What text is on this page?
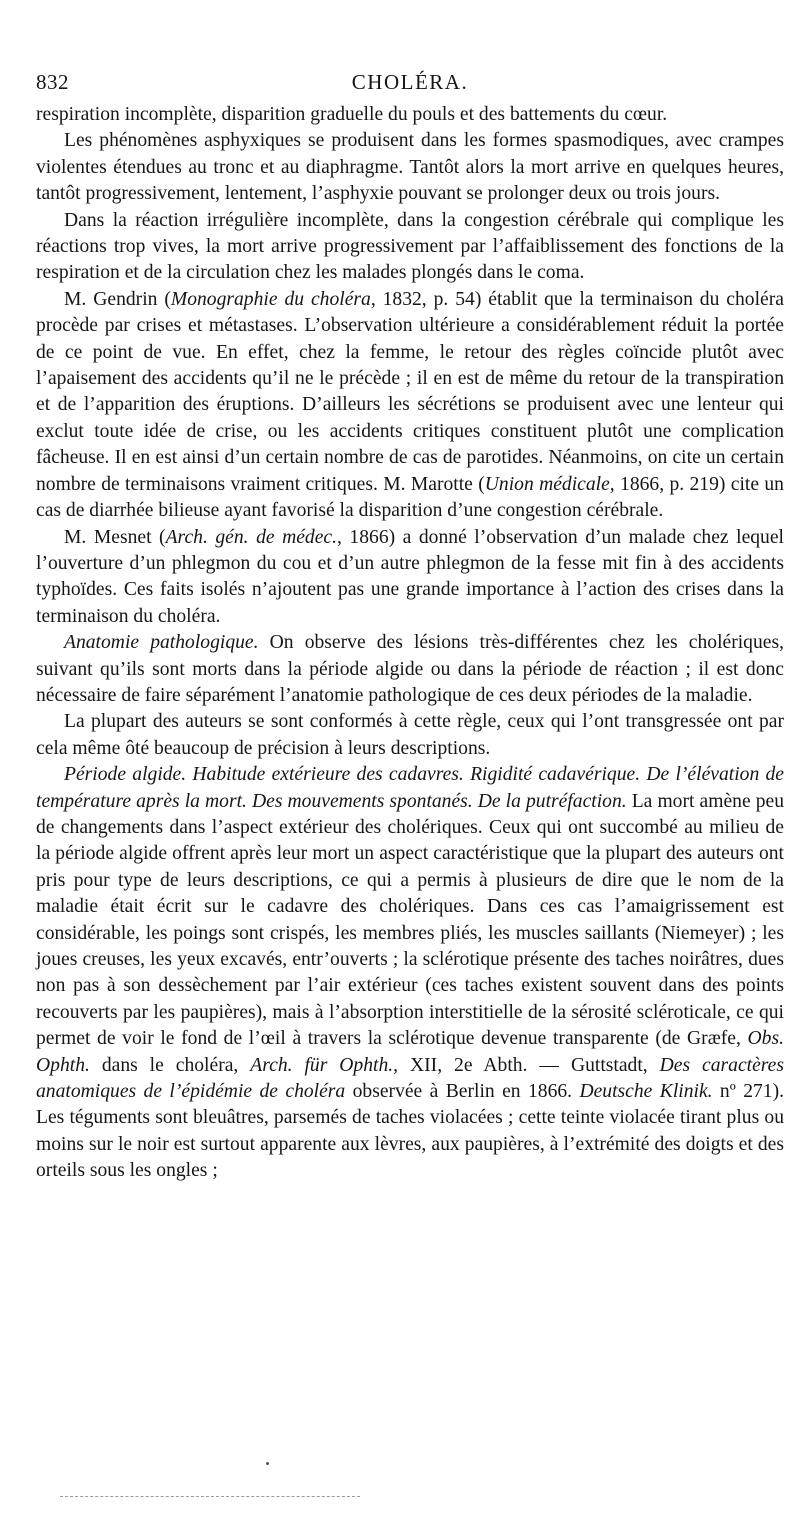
832	CHOLÉRA.

respiration incomplète, disparition graduelle du pouls et des battements du cœur.

Les phénomènes asphyxiques se produisent dans les formes spasmodiques, avec crampes violentes étendues au tronc et au diaphragme. Tantôt alors la mort arrive en quelques heures, tantôt progressivement, lentement, l’asphyxie pouvant se prolonger deux ou trois jours.

Dans la réaction irrégulière incomplète, dans la congestion cérébrale qui complique les réactions trop vives, la mort arrive progressivement par l’affaiblissement des fonctions de la respiration et de la circulation chez les malades plongés dans le coma.

M. Gendrin (Monographie du choléra, 1832, p. 54) établit que la terminaison du choléra procède par crises et métastases. L’observation ultérieure a considérablement réduit la portée de ce point de vue. En effet, chez la femme, le retour des règles coïncide plutôt avec l’apaisement des accidents qu’il ne le précède ; il en est de même du retour de la transpiration et de l’apparition des éruptions. D’ailleurs les sécrétions se produisent avec une lenteur qui exclut toute idée de crise, ou les accidents critiques constituent plutôt une complication fâcheuse. Il en est ainsi d’un certain nombre de cas de parotides. Néanmoins, on cite un certain nombre de terminaisons vraiment critiques. M. Marotte (Union médicale, 1866, p. 219) cite un cas de diarrhée bilieuse ayant favorisé la disparition d’une congestion cérébrale.

M. Mesnet (Arch. gén. de médec., 1866) a donné l’observation d’un malade chez lequel l’ouverture d’un phlegmon du cou et d’un autre phlegmon de la fesse mit fin à des accidents typhoïdes. Ces faits isolés n’ajoutent pas une grande importance à l’action des crises dans la terminaison du choléra.

Anatomie pathologique. On observe des lésions très-différentes chez les cholériques, suivant qu’ils sont morts dans la période algide ou dans la période de réaction ; il est donc nécessaire de faire séparément l’anatomie pathologique de ces deux périodes de la maladie.

La plupart des auteurs se sont conformés à cette règle, ceux qui l’ont transgressée ont par cela même ôté beaucoup de précision à leurs descriptions.

Période algide. Habitude extérieure des cadavres. Rigidité cadavérique. De l’élévation de température après la mort. Des mouvements spontanés. De la putréfaction. La mort amène peu de changements dans l’aspect extérieur des cholériques. Ceux qui ont succombé au milieu de la période algide offrent après leur mort un aspect caractéristique que la plupart des auteurs ont pris pour type de leurs descriptions, ce qui a permis à plusieurs de dire que le nom de la maladie était écrit sur le cadavre des cholériques. Dans ces cas l’amaigrissement est considérable, les poings sont crispés, les membres pliés, les muscles saillants (Niemeyer) ; les joues creuses, les yeux excavés, entr’ouverts ; la sclérotique présente des taches noirâtres, dues non pas à son dessèchement par l’air extérieur (ces taches existent souvent dans des points recouverts par les paupières), mais à l’absorption interstitielle de la sérosité scléroticale, ce qui permet de voir le fond de l’œil à travers la sclérotique devenue transparente (de Græfe, Obs. Ophth. dans le choléra, Arch. für Ophth., XII, 2e Abth. — Guttstadt, Des caractères anatomiques de l’épidémie de choléra observée à Berlin en 1866. Deutsche Klinik. nº 271). Les téguments sont bleuâtres, parsemés de taches violacées ; cette teinte violacée tirant plus ou moins sur le noir est surtout apparente aux lèvres, aux paupières, à l’extrémité des doigts et des orteils sous les ongles ;
